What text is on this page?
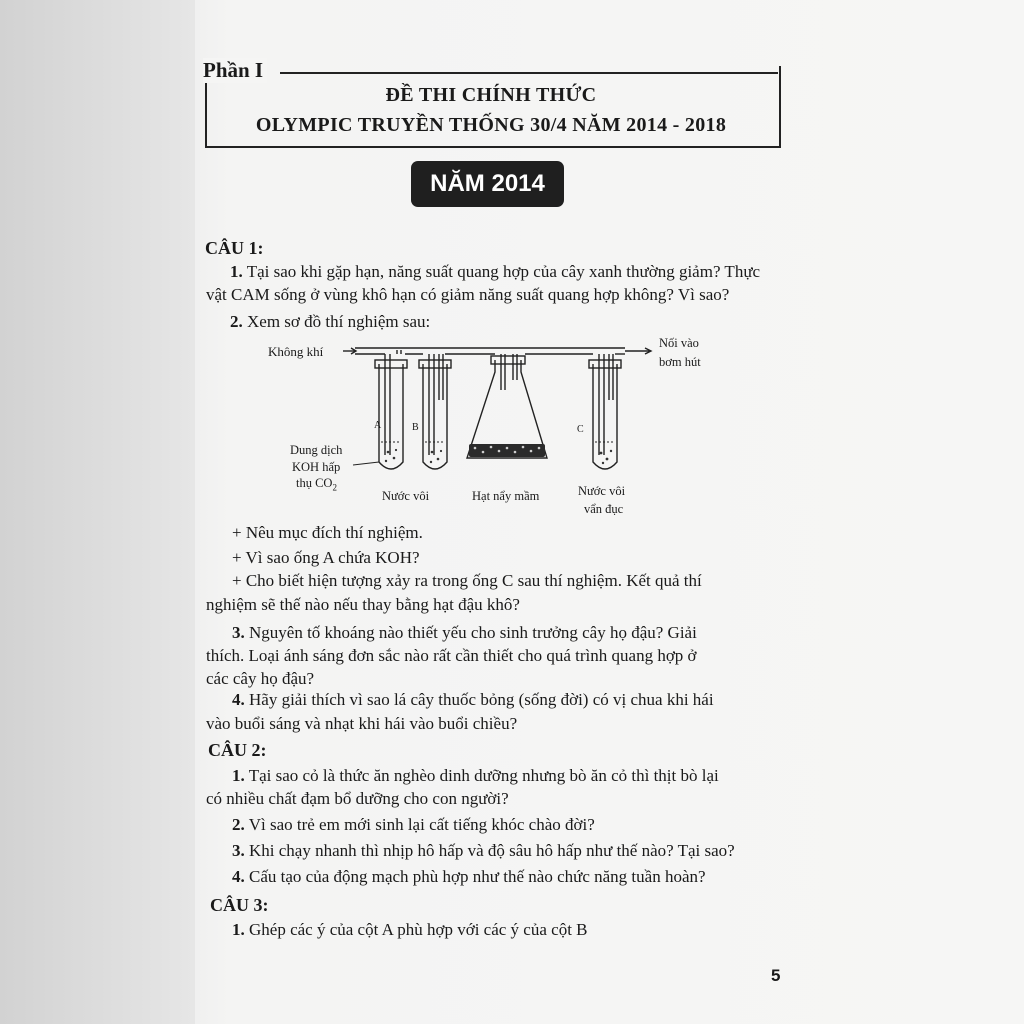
Phần I
ĐỀ THI CHÍNH THỨC
OLYMPIC TRUYỀN THỐNG 30/4 NĂM 2014 - 2018
NĂM 2014
CÂU 1:
1. Tại sao khi gặp hạn, năng suất quang hợp của cây xanh thường giảm? Thực
vật CAM sống ở vùng khô hạn có giảm năng suất quang hợp không? Vì sao?
2. Xem sơ đồ thí nghiệm sau:
Không khí
Nối vào
bơm hút
A	B	C
Dung dịch
KOH hấp
thụ $CO_2$
Nước vôi	Hạt nẩy mầm	Nước vôi
vẩn đục
+ Nêu mục đích thí nghiệm.
+ Vì sao ống A chứa KOH?
+ Cho biết hiện tượng xảy ra trong ống C sau thí nghiệm. Kết quả thí
nghiệm sẽ thế nào nếu thay bằng hạt đậu khô?
3. Nguyên tố khoáng nào thiết yếu cho sinh trưởng cây họ đậu? Giải
thích. Loại ánh sáng đơn sắc nào rất cần thiết cho quá trình quang hợp ở
các cây họ đậu?
4. Hãy giải thích vì sao lá cây thuốc bỏng (sống đời) có vị chua khi hái
vào buổi sáng và nhạt khi hái vào buổi chiều?
CÂU 2:
1. Tại sao cỏ là thức ăn nghèo dinh dưỡng nhưng bò ăn cỏ thì thịt bò lại
có nhiều chất đạm bổ dưỡng cho con người?
2. Vì sao trẻ em mới sinh lại cất tiếng khóc chào đời?
3. Khi chạy nhanh thì nhịp hô hấp và độ sâu hô hấp như thế nào? Tại sao?
4. Cấu tạo của động mạch phù hợp như thế nào chức năng tuần hoàn?
CÂU 3:
1. Ghép các ý của cột A phù hợp với các ý của cột B
5
